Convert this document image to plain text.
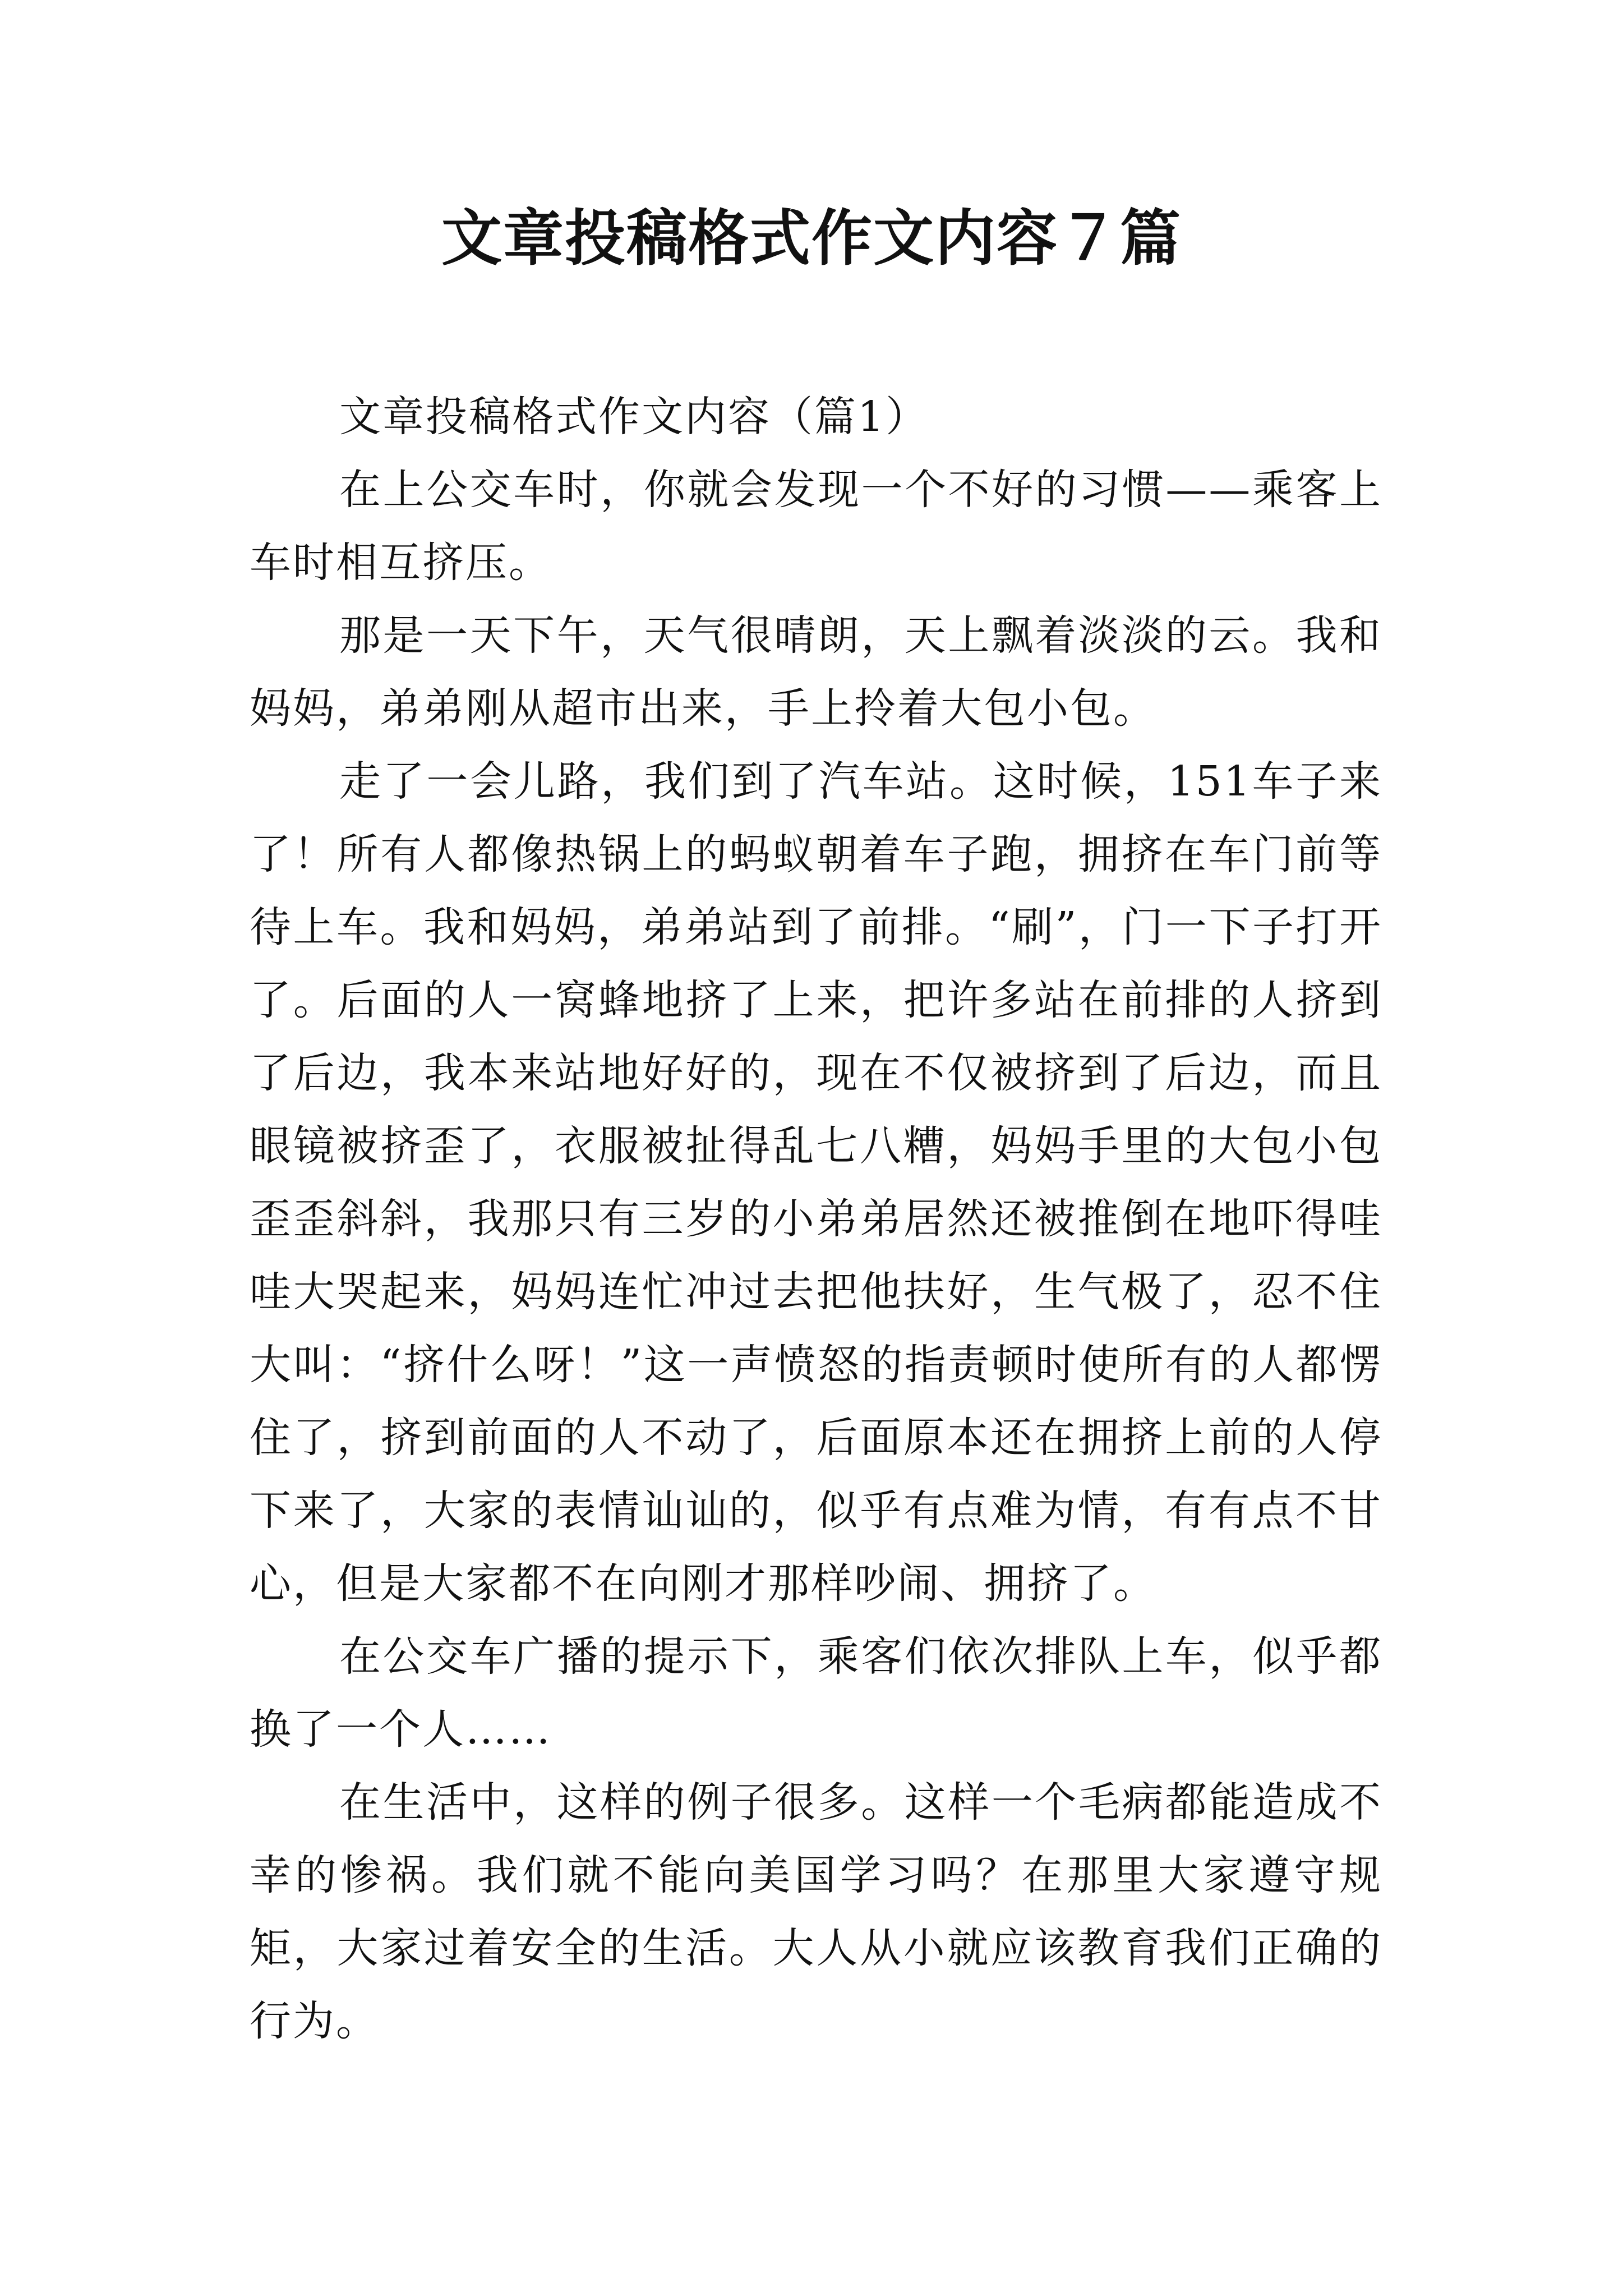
文章投稿格式作文内容７篇

文章投稿格式作文内容（篇1）

在上公交车时，你就会发现一个不好的习惯——乘客上车时相互挤压。

那是一天下午，天气很晴朗，天上飘着淡淡的云。我和妈妈，弟弟刚从超市出来，手上拎着大包小包。

走了一会儿路，我们到了汽车站。这时候，151车子来了！所有人都像热锅上的蚂蚁朝着车子跑，拥挤在车门前等待上车。我和妈妈，弟弟站到了前排。“刷”，门一下子打开了。后面的人一窝蜂地挤了上来，把许多站在前排的人挤到了后边，我本来站地好好的，现在不仅被挤到了后边，而且眼镜被挤歪了，衣服被扯得乱七八糟，妈妈手里的大包小包歪歪斜斜，我那只有三岁的小弟弟居然还被推倒在地吓得哇哇大哭起来，妈妈连忙冲过去把他扶好，生气极了，忍不住大叫：“挤什么呀！”这一声愤怒的指责顿时使所有的人都愣住了，挤到前面的人不动了，后面原本还在拥挤上前的人停下来了，大家的表情讪讪的，似乎有点难为情，有有点不甘心，但是大家都不在向刚才那样吵闹、拥挤了。

在公交车广播的提示下，乘客们依次排队上车，似乎都换了一个人……

在生活中，这样的例子很多。这样一个毛病都能造成不幸的惨祸。我们就不能向美国学习吗？在那里大家遵守规矩，大家过着安全的生活。大人从小就应该教育我们正确的行为。
